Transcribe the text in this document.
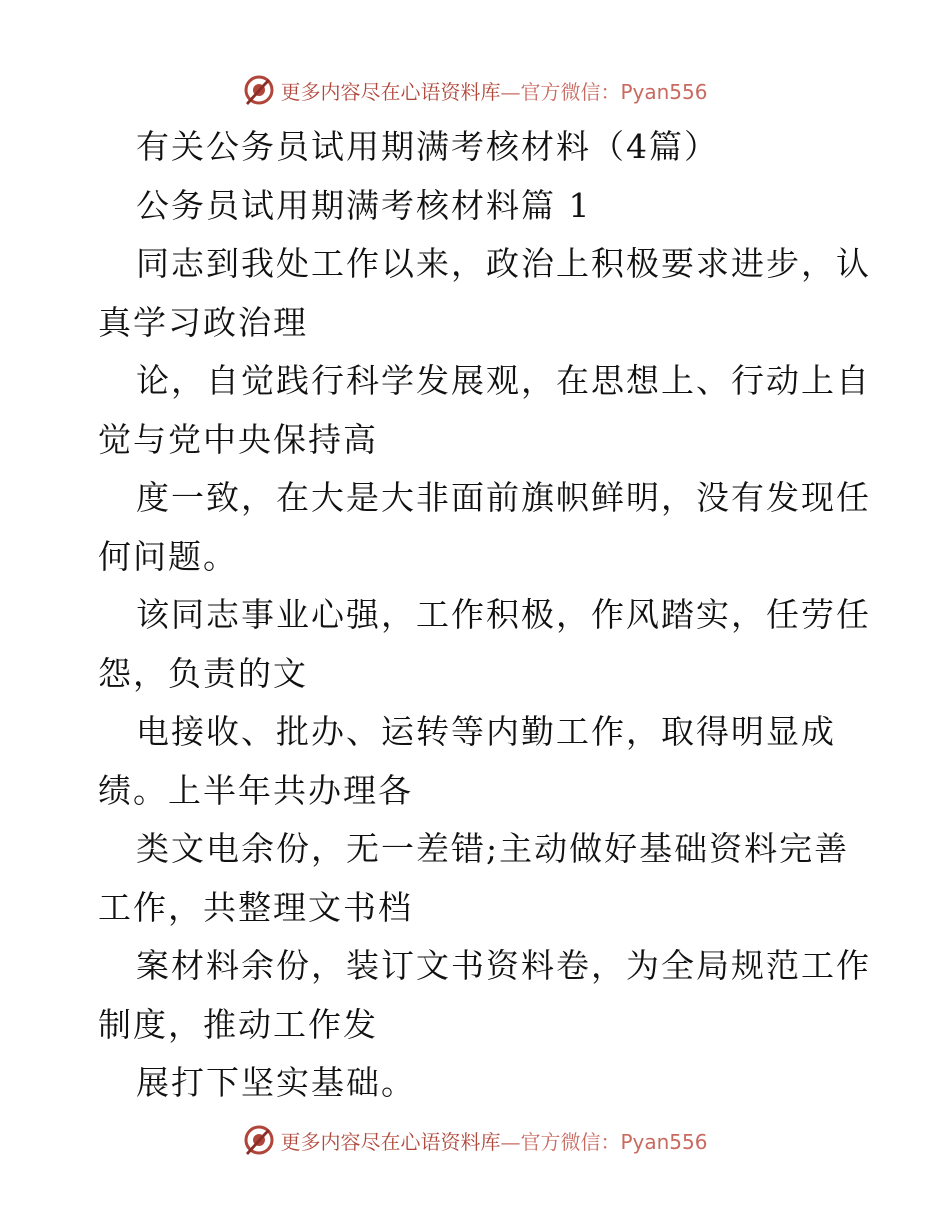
更多内容尽在心语资料库—官方微信：Pyan556
有关公务员试用期满考核材料（4篇）
公务员试用期满考核材料篇 1
同志到我处工作以来，政治上积极要求进步，认
真学习政治理
论，自觉践行科学发展观，在思想上、行动上自
觉与党中央保持高
度一致，在大是大非面前旗帜鲜明，没有发现任
何问题。
该同志事业心强，工作积极，作风踏实，任劳任
怨，负责的文
电接收、批办、运转等内勤工作，取得明显成
绩。上半年共办理各
类文电余份，无一差错;主动做好基础资料完善
工作，共整理文书档
案材料余份，装订文书资料卷，为全局规范工作
制度，推动工作发
展打下坚实基础。
更多内容尽在心语资料库—官方微信：Pyan556
